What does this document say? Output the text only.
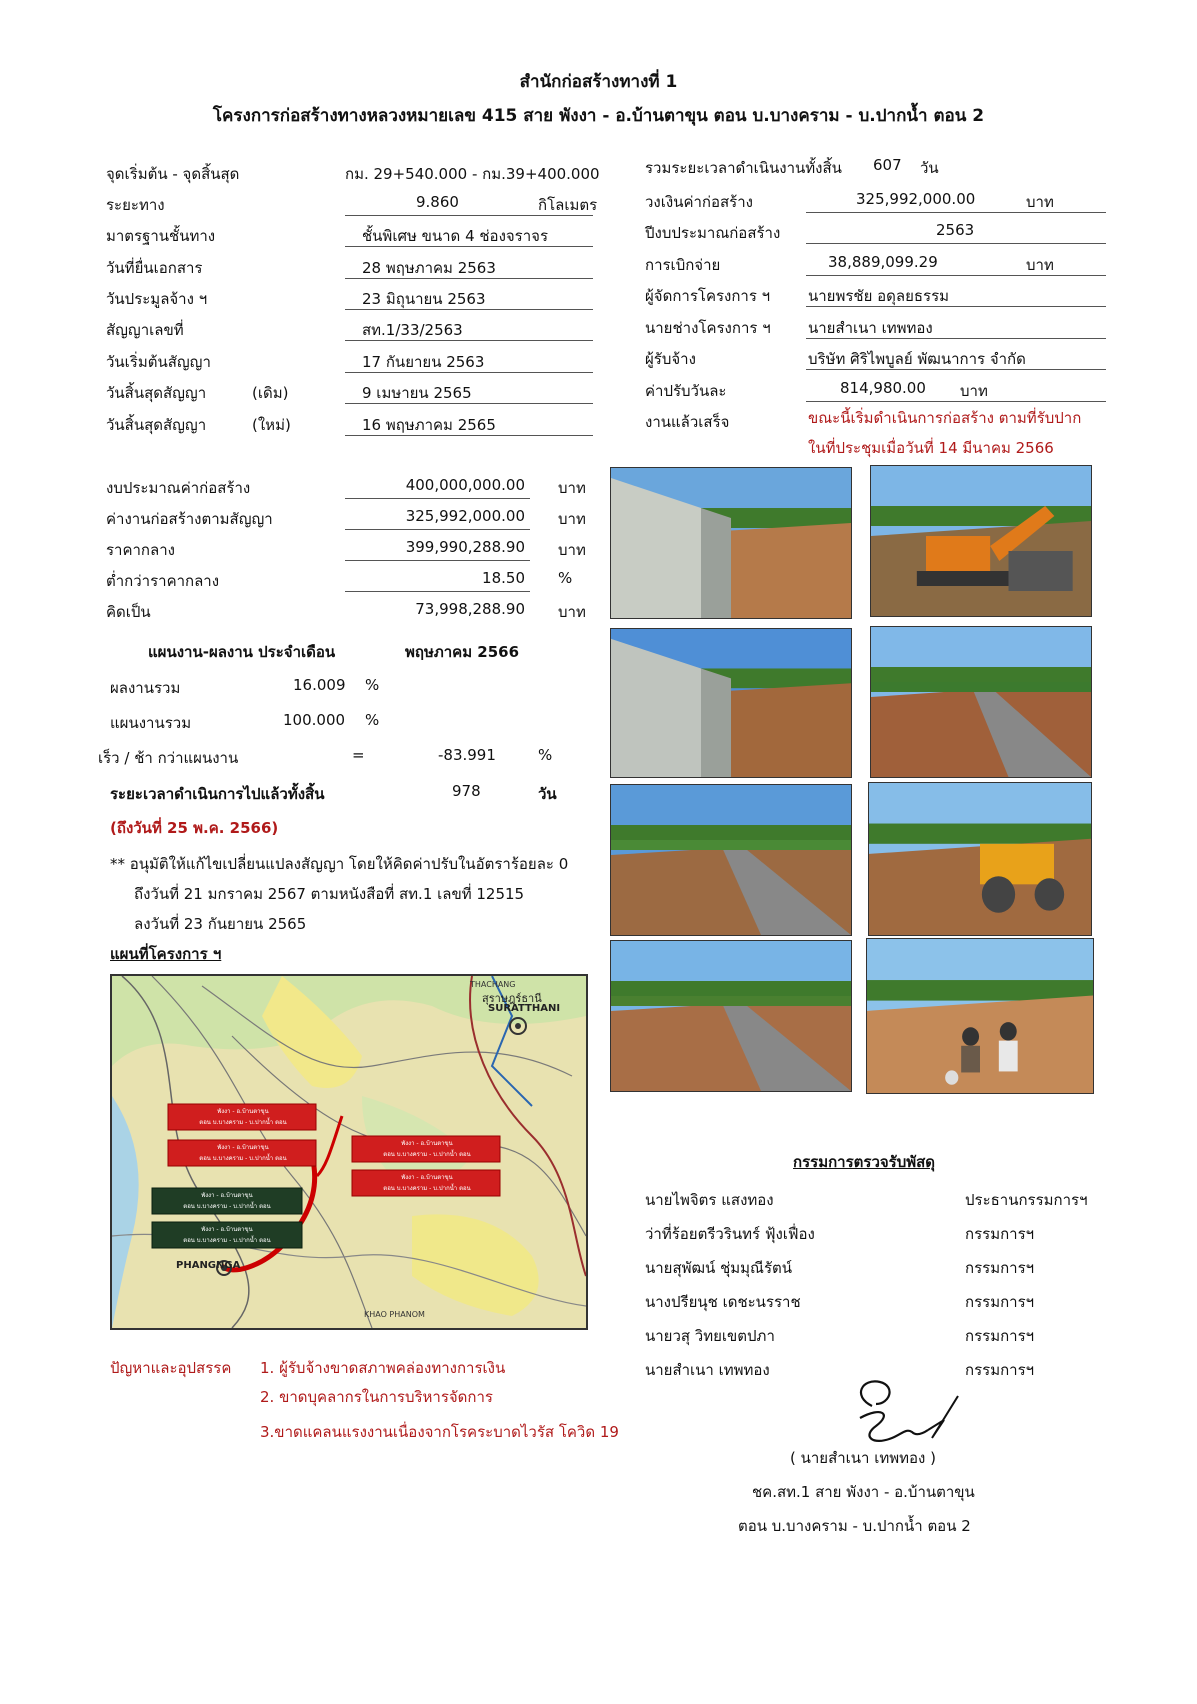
สำนักก่อสร้างทางที่ 1
โครงการก่อสร้างทางหลวงหมายเลข 415 สาย พังงา - อ.บ้านตาขุน ตอน บ.บางคราม - บ.ปากน้ำ ตอน 2
จุดเริ่มต้น - จุดสิ้นสุด	กม. 29+540.000 - กม.39+400.000
ระยะทาง	9.860	กิโลเมตร
มาตรฐานชั้นทาง	ชั้นพิเศษ ขนาด 4 ช่องจราจร
วันที่ยื่นเอกสาร	28 พฤษภาคม 2563
วันประมูลจ้าง ฯ	23 มิถุนายน 2563
สัญญาเลขที่	สท.1/33/2563
วันเริ่มต้นสัญญา	17 กันยายน 2563
วันสิ้นสุดสัญญา	(เดิม)	9 เมษายน 2565
วันสิ้นสุดสัญญา	(ใหม่)	16 พฤษภาคม 2565
รวมระยะเวลาดำเนินงานทั้งสิ้น 607 วัน
วงเงินค่าก่อสร้าง	325,992,000.00	บาท
ปีงบประมาณก่อสร้าง	2563
การเบิกจ่าย	38,889,099.29	บาท
ผู้จัดการโครงการ ฯ	นายพรชัย อดุลยธรรม
นายช่างโครงการ ฯ นายสำเนา เทพทอง
ผู้รับจ้าง	บริษัท ศิริไพบูลย์ พัฒนาการ จำกัด
ค่าปรับวันละ	814,980.00 บาท
งานแล้วเสร็จ	ขณะนี้เริ่มดำเนินการก่อสร้าง ตามที่รับปาก
ในที่ประชุมเมื่อวันที่ 14 มีนาคม 2566
งบประมาณค่าก่อสร้าง	400,000,000.00 บาท
ค่างานก่อสร้างตามสัญญา	325,992,000.00 บาท
ราคากลาง	399,990,288.90 บาท
ต่ำกว่าราคากลาง	18.50 %
คิดเป็น	73,998,288.90 บาท
แผนงาน-ผลงาน ประจำเดือน	พฤษภาคม 2566
ผลงานรวม	16.009 %
แผนงานรวม	100.000 %
เร็ว / ช้า กว่าแผนงาน	=	-83.991	%
ระยะเวลาดำเนินการไปแล้วทั้งสิ้น	978	วัน
(ถึงวันที่ 25 พ.ค. 2566)
** อนุมัติให้แก้ไขเปลี่ยนแปลงสัญญา โดยให้คิดค่าปรับในอัตราร้อยละ 0
ถึงวันที่ 21 มกราคม 2567 ตามหนังสือที่ สท.1 เลขที่ 12515
ลงวันที่ 23 กันยายน 2565
แผนที่โครงการ ฯ
THACHANG
สุราษฎร์ธานี
SURATTHANI
PHANGNGA
KHAO PHANOM
พังงา - อ.บ้านตาขุน
ตอน บ.บางคราม - บ.ปากน้ำ ตอน
พังงา - อ.บ้านตาขุน
ตอน บ.บางคราม - บ.ปากน้ำ ตอน
พังงา - อ.บ้านตาขุน
ตอน บ.บางคราม - บ.ปากน้ำ ตอน
พังงา - อ.บ้านตาขุน
ตอน บ.บางคราม - บ.ปากน้ำ ตอน
พังงา - อ.บ้านตาขุน
ตอน บ.บางคราม - บ.ปากน้ำ ตอน
พังงา - อ.บ้านตาขุน
ตอน บ.บางคราม - บ.ปากน้ำ ตอน
ปัญหาและอุปสรรค 1. ผู้รับจ้างขาดสภาพคล่องทางการเงิน
2. ขาดบุคลากรในการบริหารจัดการ
3.ขาดแคลนแรงงานเนื่องจากโรคระบาดไวรัส โควิด 19
กรรมการตรวจรับพัสดุ
นายไพจิตร แสงทอง	ประธานกรรมการฯ
ว่าที่ร้อยตรีวรินทร์ ฟุ้งเฟื่อง	กรรมการฯ
นายสุพัฒน์ ชุ่มมุณีรัตน์	กรรมการฯ
นางปรียนุช เดชะนรราช	กรรมการฯ
นายวสุ วิทยเขตปภา	กรรมการฯ
นายสำเนา เทพทอง	กรรมการฯ
( นายสำเนา เทพทอง )
ชค.สท.1 สาย พังงา - อ.บ้านตาขุน
ตอน บ.บางคราม - บ.ปากน้ำ ตอน 2
